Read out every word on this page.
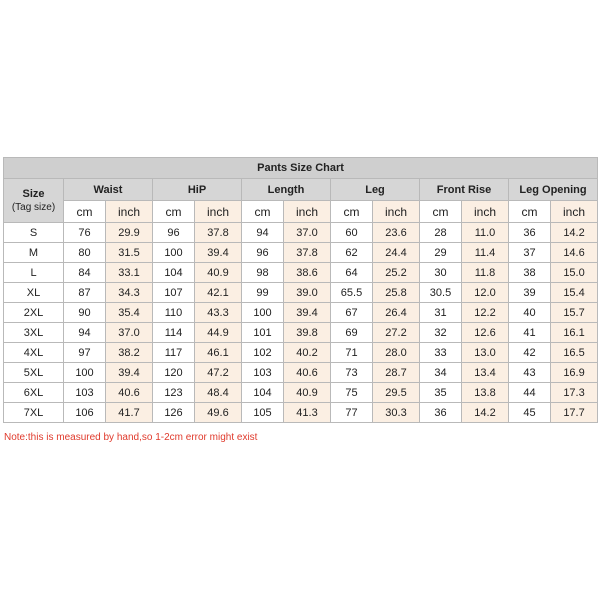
Pants Size Chart												
Size
(Tag size)	Waist		HiP		Length		Leg		Front Rise		Leg Opening	
	cm	inch	cm	inch	cm	inch	cm	inch	cm	inch	cm	inch
S	76	29.9	96	37.8	94	37.0	60	23.6	28	11.0	36	14.2
M	80	31.5	100	39.4	96	37.8	62	24.4	29	11.4	37	14.6
L	84	33.1	104	40.9	98	38.6	64	25.2	30	11.8	38	15.0
XL	87	34.3	107	42.1	99	39.0	65.5	25.8	30.5	12.0	39	15.4
2XL	90	35.4	110	43.3	100	39.4	67	26.4	31	12.2	40	15.7
3XL	94	37.0	114	44.9	101	39.8	69	27.2	32	12.6	41	16.1
4XL	97	38.2	117	46.1	102	40.2	71	28.0	33	13.0	42	16.5
5XL	100	39.4	120	47.2	103	40.6	73	28.7	34	13.4	43	16.9
6XL	103	40.6	123	48.4	104	40.9	75	29.5	35	13.8	44	17.3
7XL	106	41.7	126	49.6	105	41.3	77	30.3	36	14.2	45	17.7
Note:this is measured by hand,so 1-2cm error might exist
